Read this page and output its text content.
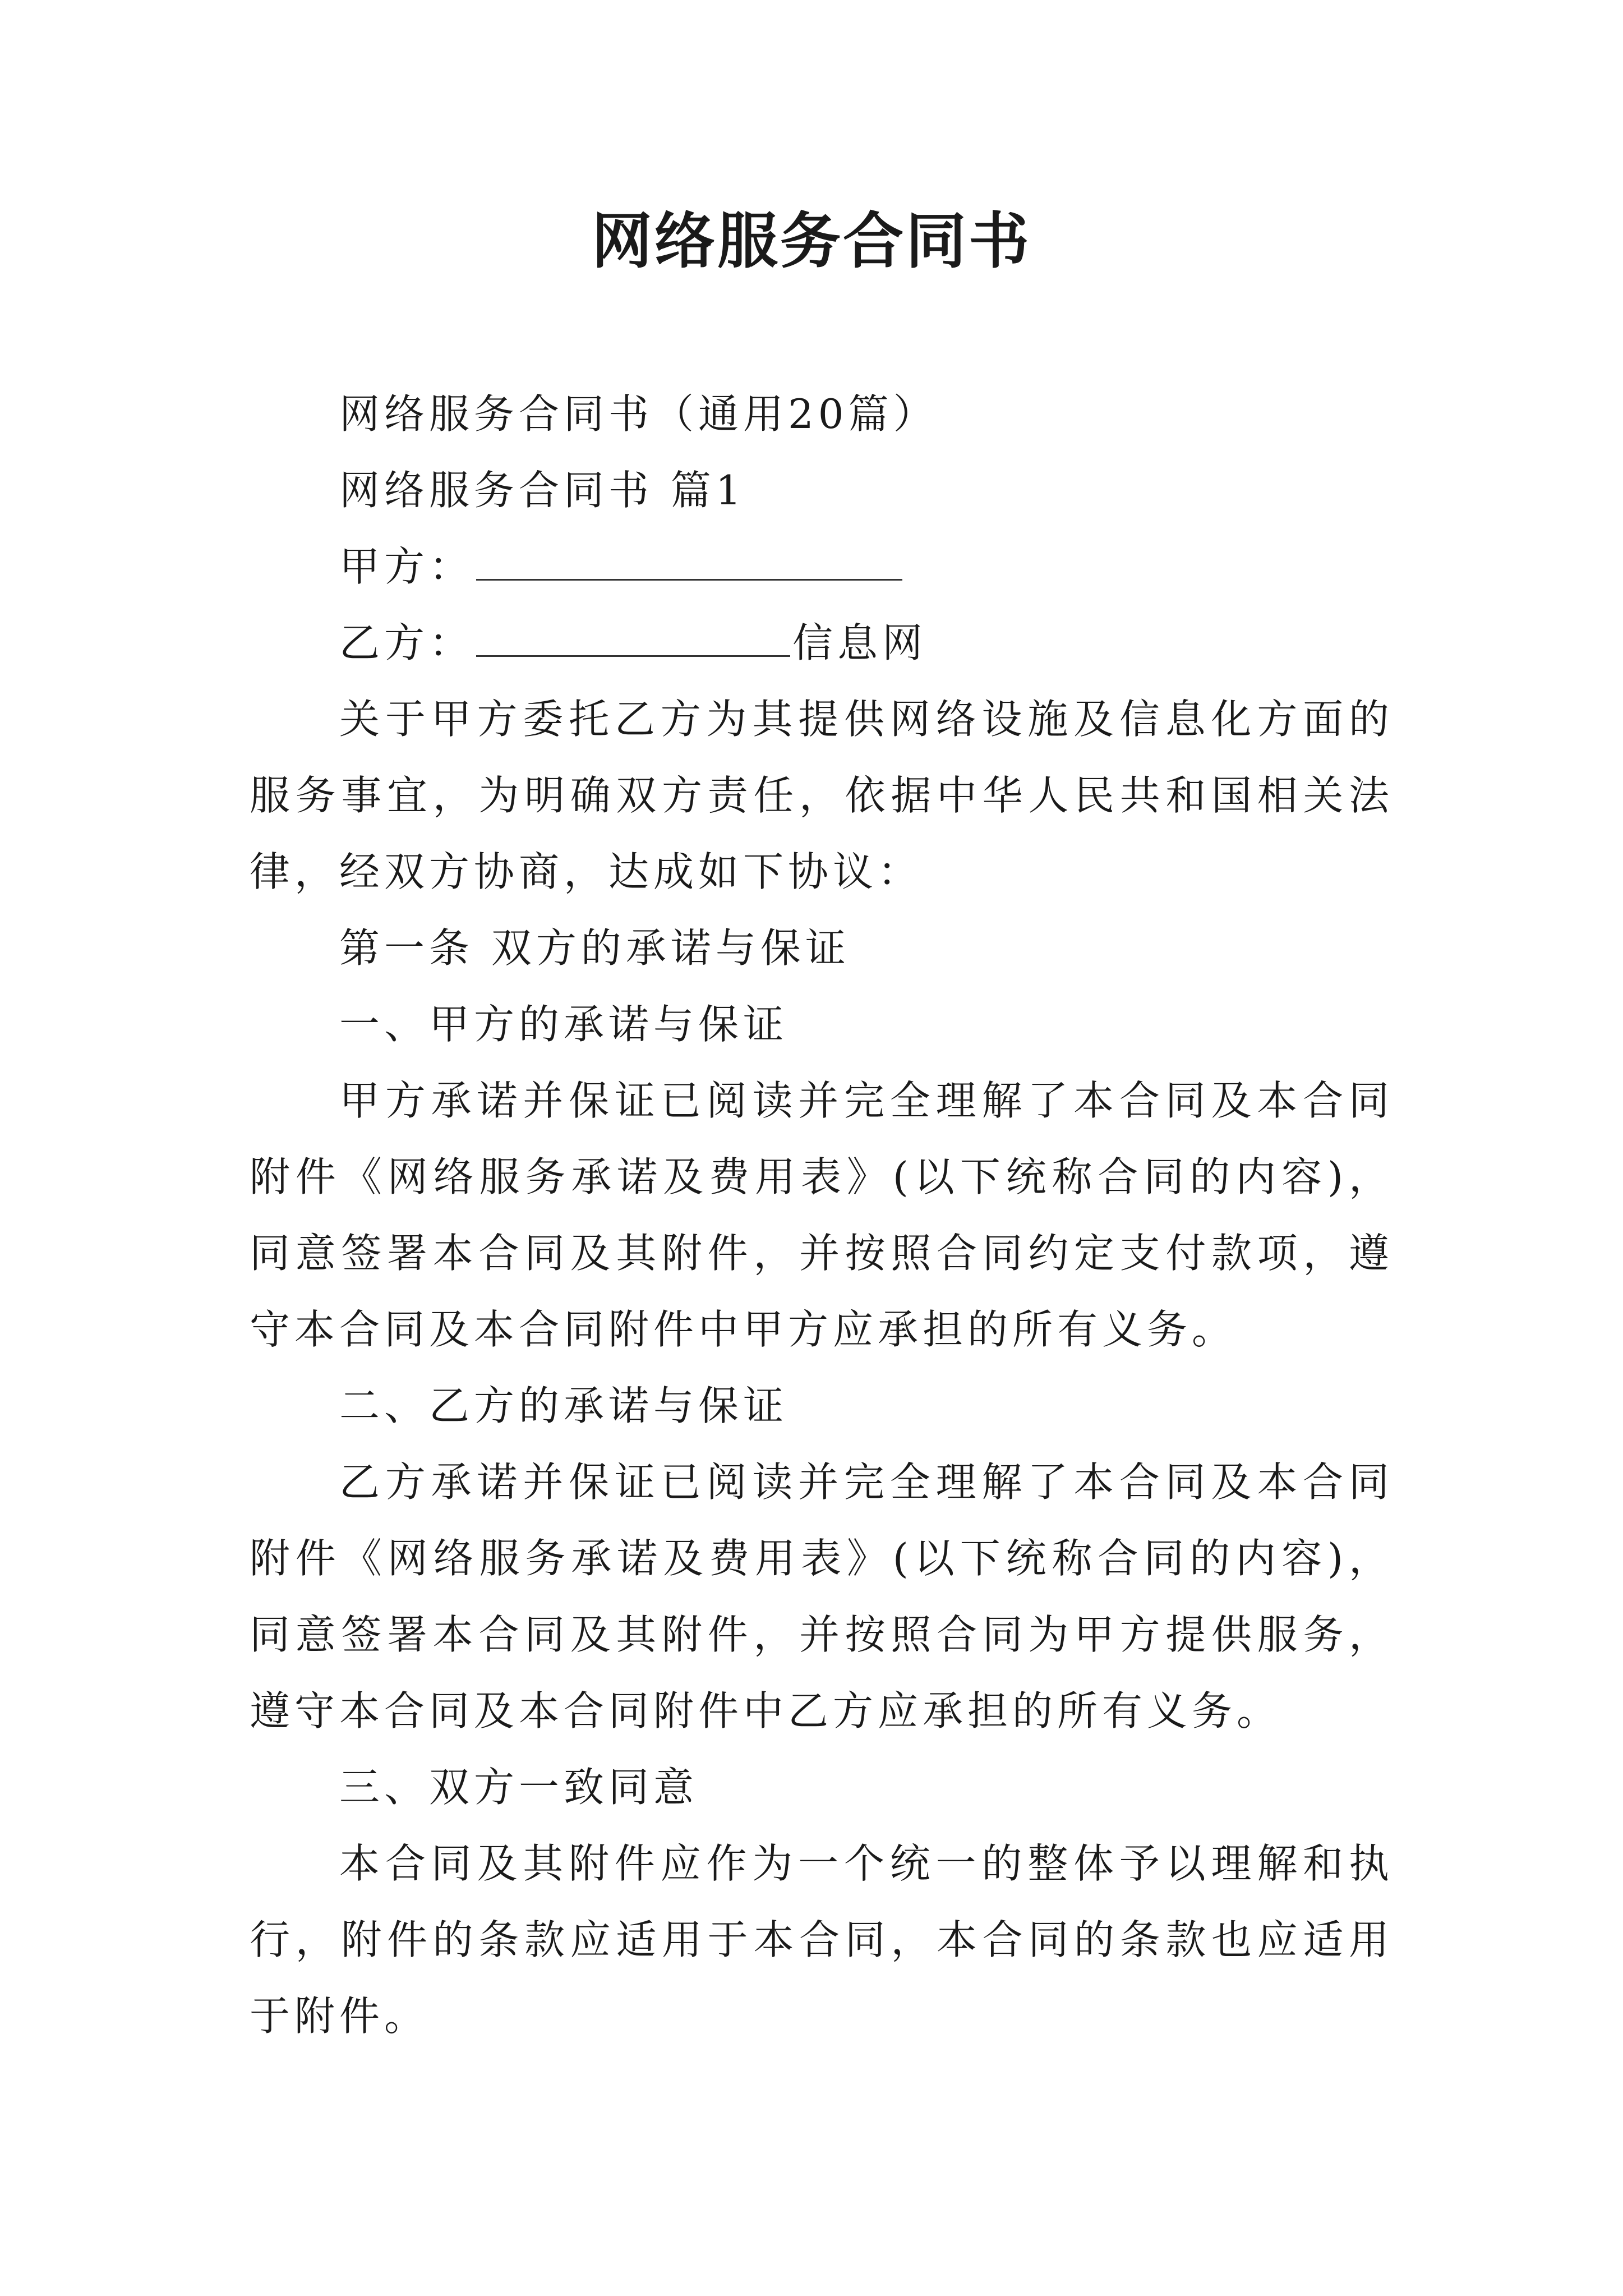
网络服务合同书

网络服务合同书（通用20篇）

网络服务合同书 篇1

甲方：

乙方：	信息网

关于甲方委托乙方为其提供网络设施及信息化方面的服务事宜，为明确双方责任，依据中华人民共和国相关法律，经双方协商，达成如下协议：

第一条 双方的承诺与保证

一、甲方的承诺与保证

甲方承诺并保证已阅读并完全理解了本合同及本合同附件《网络服务承诺及费用表》(以下统称合同的内容)，同意签署本合同及其附件，并按照合同约定支付款项，遵守本合同及本合同附件中甲方应承担的所有义务。

二、乙方的承诺与保证

乙方承诺并保证已阅读并完全理解了本合同及本合同附件《网络服务承诺及费用表》(以下统称合同的内容)，同意签署本合同及其附件，并按照合同为甲方提供服务，遵守本合同及本合同附件中乙方应承担的所有义务。

三、双方一致同意

本合同及其附件应作为一个统一的整体予以理解和执行，附件的条款应适用于本合同，本合同的条款也应适用于附件。
